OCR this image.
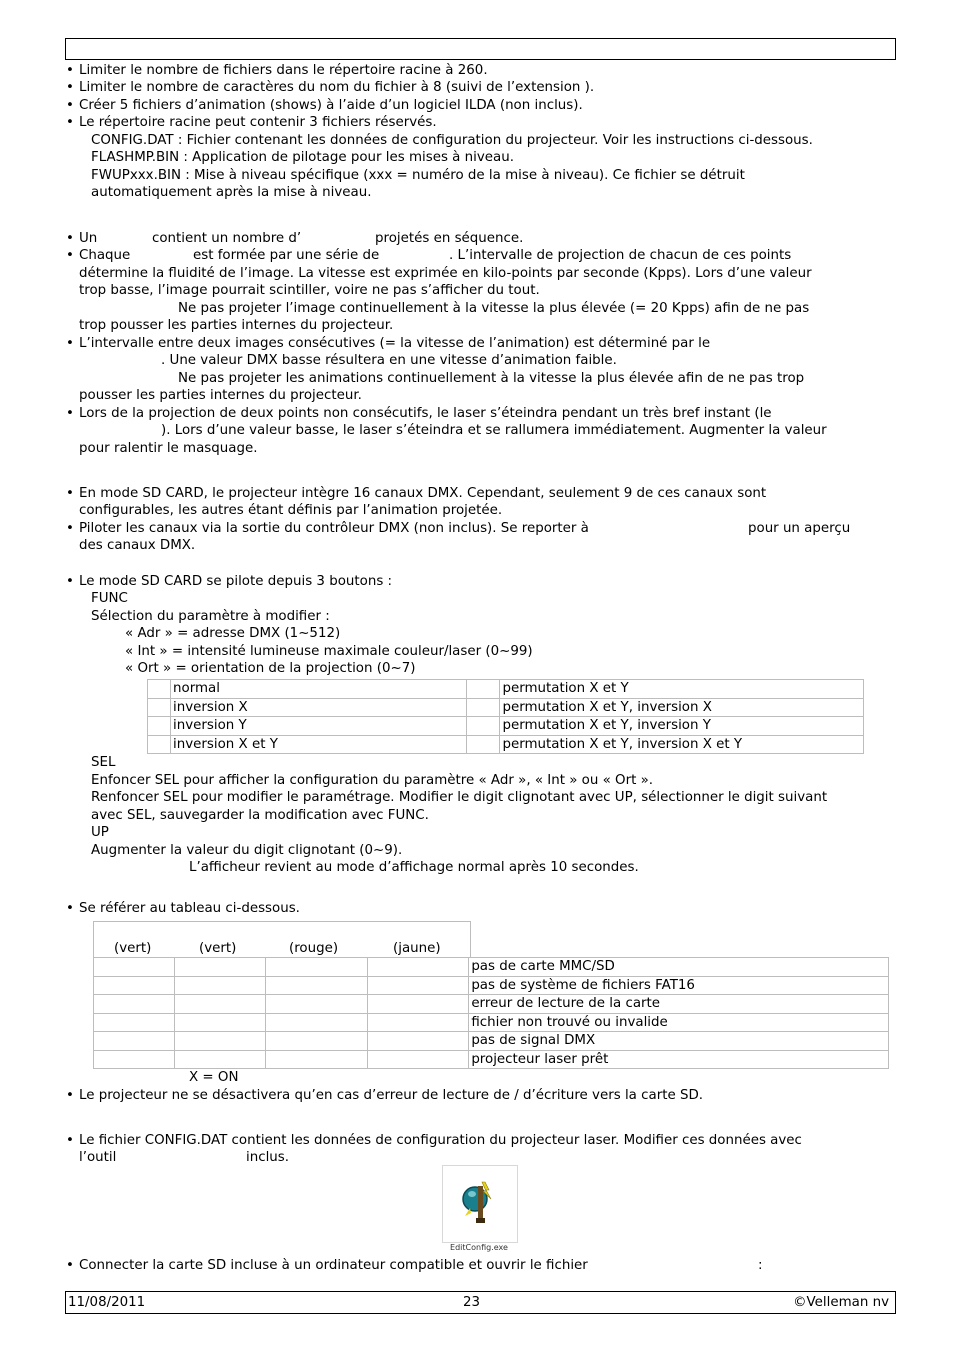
• Limiter le nombre de fichiers dans le répertoire racine à 260.
• Limiter le nombre de caractères du nom du fichier à 8 (suivi de l’extension ).
• Créer 5 fichiers d’animation (shows) à l’aide d’un logiciel ILDA (non inclus).
• Le répertoire racine peut contenir 3 fichiers réservés.
CONFIG.DAT : Fichier contenant les données de configuration du projecteur. Voir les instructions ci-dessous.
FLASHMP.BIN : Application de pilotage pour les mises à niveau.
FWUPxxx.BIN : Mise à niveau spécifique (xxx = numéro de la mise à niveau). Ce fichier se détruit
automatiquement après la mise à niveau.
• Un	contient un nombre d’	projetés en séquence.
• Chaque	est formée par une série de	. L’intervalle de projection de chacun de ces points
détermine la fluidité de l’image. La vitesse est exprimée en kilo-points par seconde (Kpps). Lors d’une valeur
trop basse, l’image pourrait scintiller, voire ne pas s’afficher du tout.
Ne pas projeter l’image continuellement à la vitesse la plus élevée (= 20 Kpps) afin de ne pas
trop pousser les parties internes du projecteur.
• L’intervalle entre deux images consécutives (= la vitesse de l’animation) est déterminé par le
. Une valeur DMX basse résultera en une vitesse d’animation faible.
Ne pas projeter les animations continuellement à la vitesse la plus élevée afin de ne pas trop
pousser les parties internes du projecteur.
• Lors de la projection de deux points non consécutifs, le laser s’éteindra pendant un très bref instant (le
). Lors d’une valeur basse, le laser s’éteindra et se rallumera immédiatement. Augmenter la valeur
pour ralentir le masquage.
• En mode SD CARD, le projecteur intègre 16 canaux DMX. Cependant, seulement 9 de ces canaux sont
configurables, les autres étant définis par l’animation projetée.
• Piloter les canaux via la sortie du contrôleur DMX (non inclus). Se reporter à	pour un aperçu
des canaux DMX.
• Le mode SD CARD se pilote depuis 3 boutons :
FUNC
Sélection du paramètre à modifier :
« Adr » = adresse DMX (1~512)
« Int » = intensité lumineuse maximale couleur/laser (0~99)
« Ort » = orientation de la projection (0~7)
	normal		permutation X et Y
	inversion X		permutation X et Y, inversion X
	inversion Y		permutation X et Y, inversion Y
	inversion X et Y		permutation X et Y, inversion X et Y
SEL
Enfoncer SEL pour afficher la configuration du paramètre « Adr », « Int » ou « Ort ».
Renfoncer SEL pour modifier le paramétrage. Modifier le digit clignotant avec UP, sélectionner le digit suivant
avec SEL, sauvegarder la modification avec FUNC.
UP
Augmenter la valeur du digit clignotant (0~9).
L’afficheur revient au mode d’affichage normal après 10 secondes.
• Se référer au tableau ci-dessous.
(vert)	(vert)	(rouge)	(jaune)
				pas de carte MMC/SD
				pas de système de fichiers FAT16
				erreur de lecture de la carte
				fichier non trouvé ou invalide
				pas de signal DMX
				projecteur laser prêt
X = ON
• Le projecteur ne se désactivera qu’en cas d’erreur de lecture de / d’écriture vers la carte SD.
• Le fichier CONFIG.DAT contient les données de configuration du projecteur laser. Modifier ces données avec
l’outil	inclus.
EditConfig.exe
• Connecter la carte SD incluse à un ordinateur compatible et ouvrir le fichier	:
11/08/2011	23	©Velleman nv
